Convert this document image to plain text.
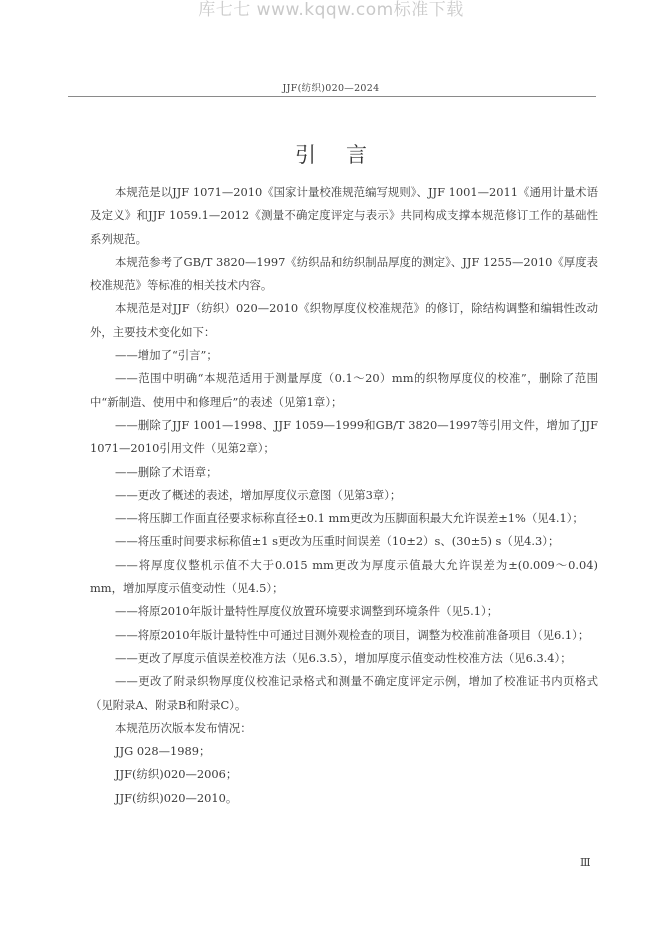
库七七 www.kqqw.com标准下载
JJF(纺织)020—2024
引言

本规范是以JJF 1071—2010《国家计量校准规范编写规则》、JJF 1001—2011《通用计量术语及定义》和JJF 1059.1—2012《测量不确定度评定与表示》共同构成支撑本规范修订工作的基础性系列规范。

本规范参考了GB/T 3820—1997《纺织品和纺织制品厚度的测定》、JJF 1255—2010《厚度表校准规范》等标准的相关技术内容。

本规范是对JJF（纺织）020—2010《织物厚度仪校准规范》的修订，除结构调整和编辑性改动外，主要技术变化如下：

——增加了“引言”；

——范围中明确“本规范适用于测量厚度（0.1～20）mm的织物厚度仪的校准”，删除了范围中“新制造、使用中和修理后”的表述（见第1章）；

——删除了JJF 1001—1998、JJF 1059—1999和GB/T 3820—1997等引用文件，增加了JJF 1071—2010引用文件（见第2章）；

——删除了术语章；

——更改了概述的表述，增加厚度仪示意图（见第3章）；

——将压脚工作面直径要求标称直径±0.1 mm更改为压脚面积最大允许误差±1%（见4.1）；

——将压重时间要求标称值±1 s更改为压重时间误差（10±2）s、(30±5) s（见4.3）；

——将厚度仪整机示值不大于0.015 mm更改为厚度示值最大允许误差为±(0.009～0.04) mm，增加厚度示值变动性（见4.5）；

——将原2010年版计量特性厚度仪放置环境要求调整到环境条件（见5.1）；

——将原2010年版计量特性中可通过目测外观检查的项目，调整为校准前准备项目（见6.1）；

——更改了厚度示值误差校准方法（见6.3.5），增加厚度示值变动性校准方法（见6.3.4）；

——更改了附录织物厚度仪校准记录格式和测量不确定度评定示例，增加了校准证书内页格式（见附录A、附录B和附录C）。

本规范历次版本发布情况：

JJG 028—1989；

JJF(纺织)020—2006；

JJF(纺织)020—2010。

Ⅲ
